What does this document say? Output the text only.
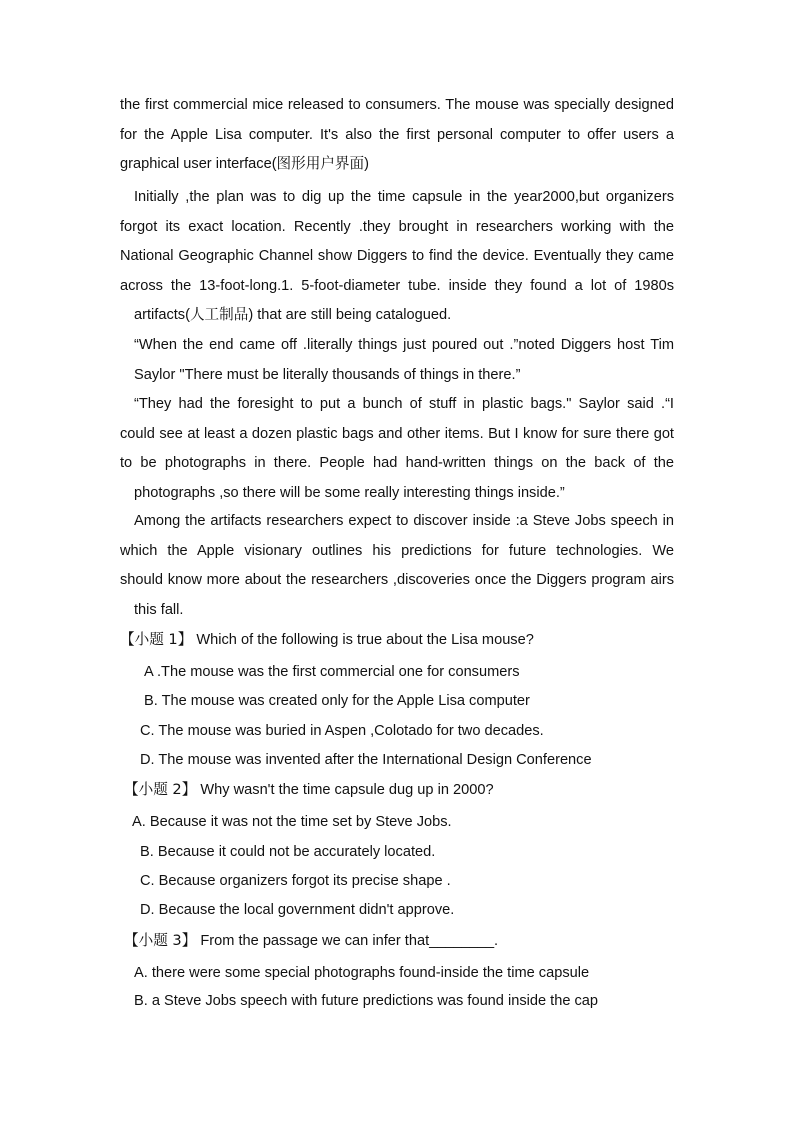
the first commercial mice released to consumers. The mouse was specially designed
for the Apple Lisa computer. It's also the first personal computer to offer users a

graphical user interface(图形用户界面)

Initially ,the plan was to dig up the time capsule in the year2000,but organizers
forgot its exact location. Recently .they brought in researchers working with the
National Geographic Channel show Diggers to find the device. Eventually they came
across the 13-foot-long.1. 5-foot-diameter tube. inside they found a lot of 1980s

artifacts(人工制品) that are still being catalogued.

“When the end came off .literally things just poured out .”noted Diggers host Tim

Saylor "There must be literally thousands of things in there.”

“They had the foresight to put a bunch of stuff in plastic bags." Saylor said .“I
could see at least a dozen plastic bags and other items. But I know for sure there got
to be photographs in there. People had hand-written things on the back of the

photographs ,so there will be some really interesting things inside.”

Among the artifacts researchers expect to discover inside :a Steve Jobs speech in
which the Apple visionary outlines his predictions for future technologies. We
should know more about the researchers ,discoveries once the Diggers program airs

this fall.

【小题 1】 Which of the following is true about the Lisa mouse?
A .The mouse was the first commercial one for consumers
B. The mouse was created only for the Apple Lisa computer
C. The mouse was buried in Aspen ,Colotado for two decades.
D. The mouse was invented after the International Design Conference
【小题 2】 Why wasn't the time capsule dug up in 2000?
A. Because it was not the time set by Steve Jobs.
B. Because it could not be accurately located.
C. Because organizers forgot its precise shape .
D. Because the local government didn't approve.
【小题 3】 From the passage we can infer that________.
A. there were some special photographs found-inside the time capsule
B. a Steve Jobs speech with future predictions was found inside the cap
